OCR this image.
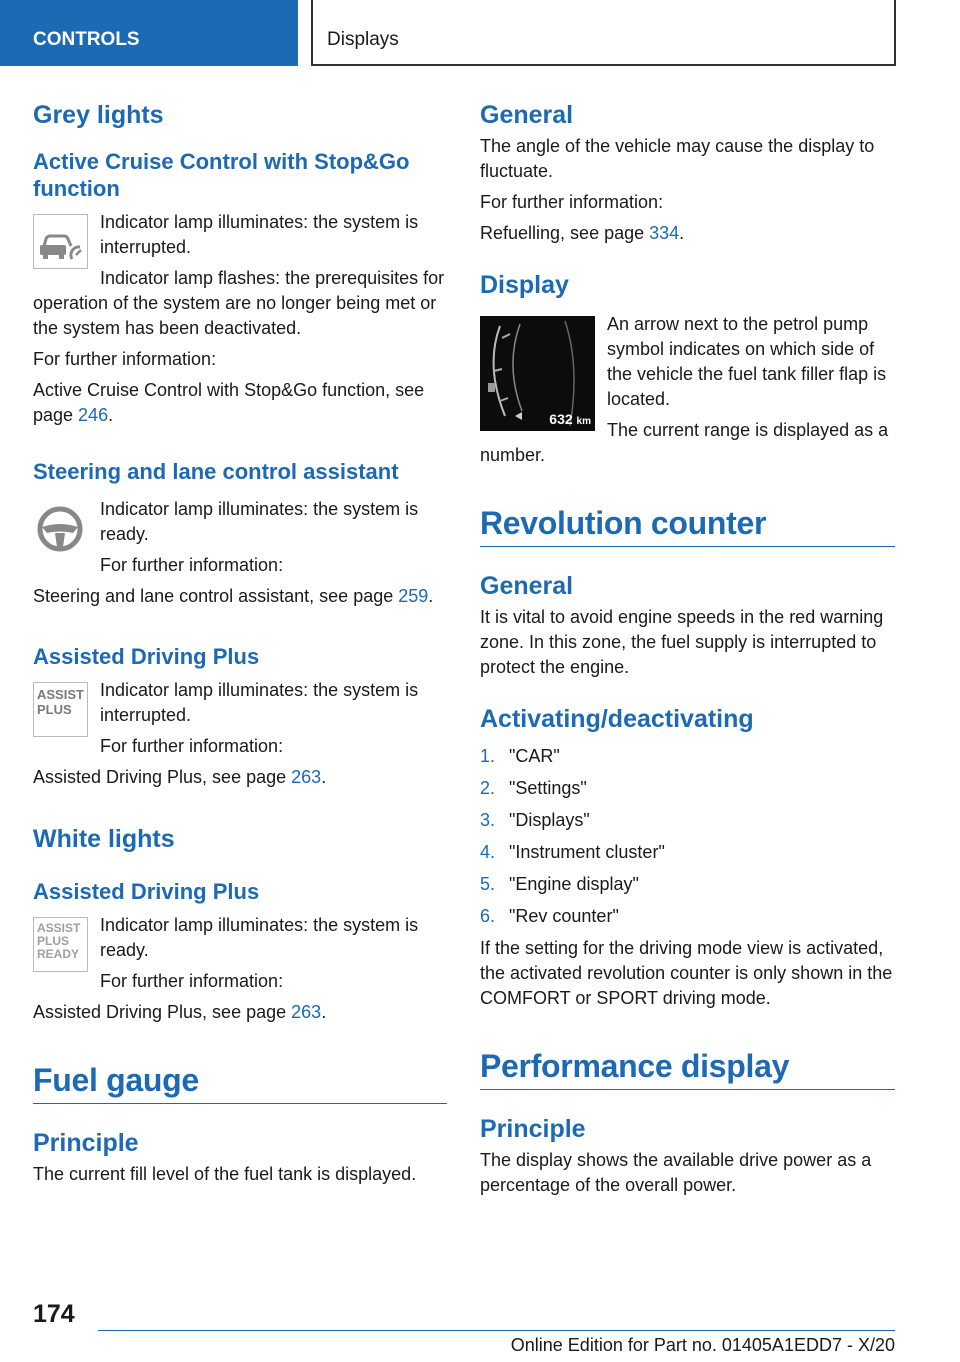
CONTROLS	Displays
Grey lights
Active Cruise Control with Stop&Go function

Indicator lamp illuminates: the system is interrupted.

Indicator lamp flashes: the prerequisites for operation of the system are no longer being met or the system has been deactivated.

For further information:

Active Cruise Control with Stop&Go function, see page 246.

Steering and lane control assistant

Indicator lamp illuminates: the system is ready.

For further information:

Steering and lane control assistant, see page 259.

Assisted Driving Plus
ASSIST PLUS

Indicator lamp illuminates: the system is interrupted.

For further information:

Assisted Driving Plus, see page 263.

White lights
Assisted Driving Plus
ASSIST PLUS READY

Indicator lamp illuminates: the system is ready.

For further information:

Assisted Driving Plus, see page 263.

Fuel gauge
Principle

The current fill level of the fuel tank is displayed.

General

The angle of the vehicle may cause the display to fluctuate.

For further information:

Refuelling, see page 334.

Display
632 km

An arrow next to the petrol pump symbol indicates on which side of the vehicle the fuel tank filler flap is located.

The current range is displayed as a number.

Revolution counter
General

It is vital to avoid engine speeds in the red warning zone. In this zone, the fuel supply is interrupted to protect the engine.

Activating/deactivating
1. "CAR"
2. "Settings"
3. "Displays"
4. "Instrument cluster"
5. "Engine display"
6. "Rev counter"

If the setting for the driving mode view is activated, the activated revolution counter is only shown in the COMFORT or SPORT driving mode.

Performance display
Principle

The display shows the available drive power as a percentage of the overall power.

174
Online Edition for Part no. 01405A1EDD7 - X/20
